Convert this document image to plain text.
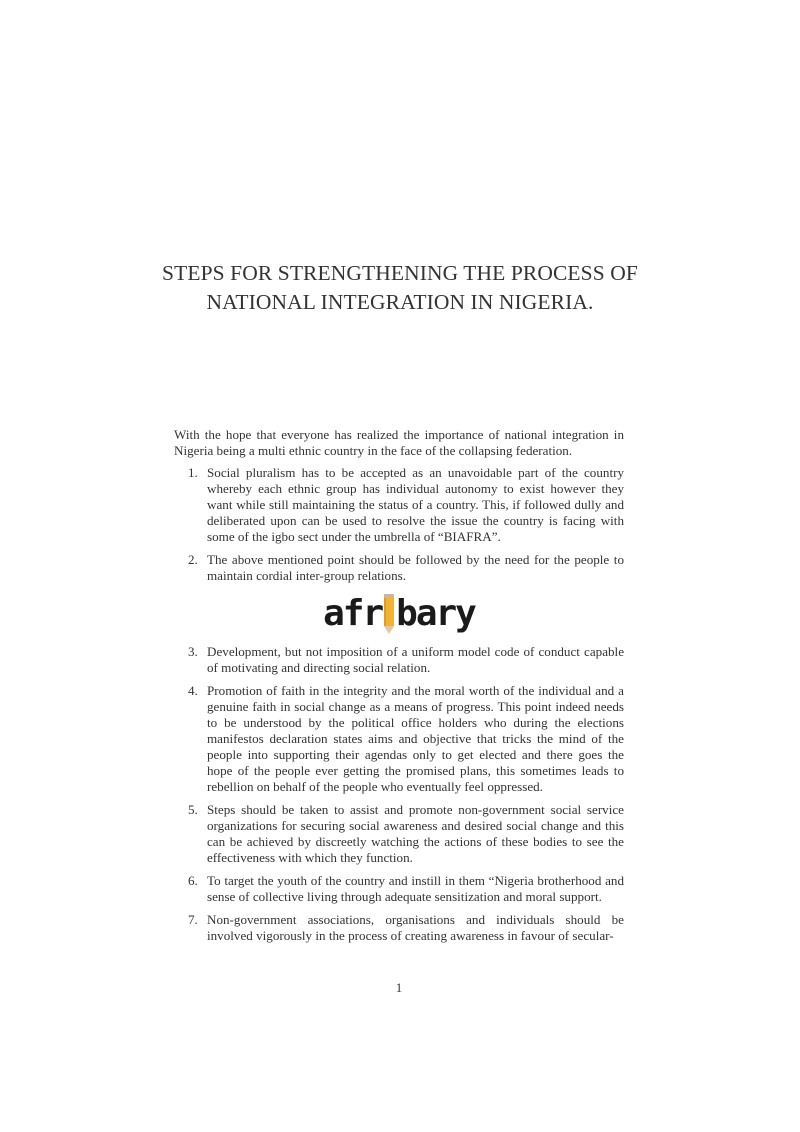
STEPS FOR STRENGTHENING THE PROCESS OF NATIONAL INTEGRATION IN NIGERIA.

With the hope that everyone has realized the importance of national integration in Nigeria being a multi ethnic country in the face of the collapsing federation.

1. Social pluralism has to be accepted as an unavoidable part of the country whereby each ethnic group has individual autonomy to exist however they want while still maintaining the status of a country. This, if followed dully and deliberated upon can be used to resolve the issue the country is facing with some of the igbo sect under the umbrella of “BIAFRA”.
2. The above mentioned point should be followed by the need for the people to maintain cordial inter-group relations.
afr bary
3. Development, but not imposition of a uniform model code of conduct capable of motivating and directing social relation.
4. Promotion of faith in the integrity and the moral worth of the individual and a genuine faith in social change as a means of progress. This point indeed needs to be understood by the political office holders who during the elections manifestos declaration states aims and objective that tricks the mind of the people into supporting their agendas only to get elected and there goes the hope of the people ever getting the promised plans, this sometimes leads to rebellion on behalf of the people who eventually feel oppressed.
5. Steps should be taken to assist and promote non-government social service organizations for securing social awareness and desired social change and this can be achieved by discreetly watching the actions of these bodies to see the effectiveness with which they function.
6. To target the youth of the country and instill in them “Nigeria brotherhood and sense of collective living through adequate sensitization and moral support.
7. Non-government associations, organisations and individuals should be involved vigorously in the process of creating awareness in favour of secular-
1
